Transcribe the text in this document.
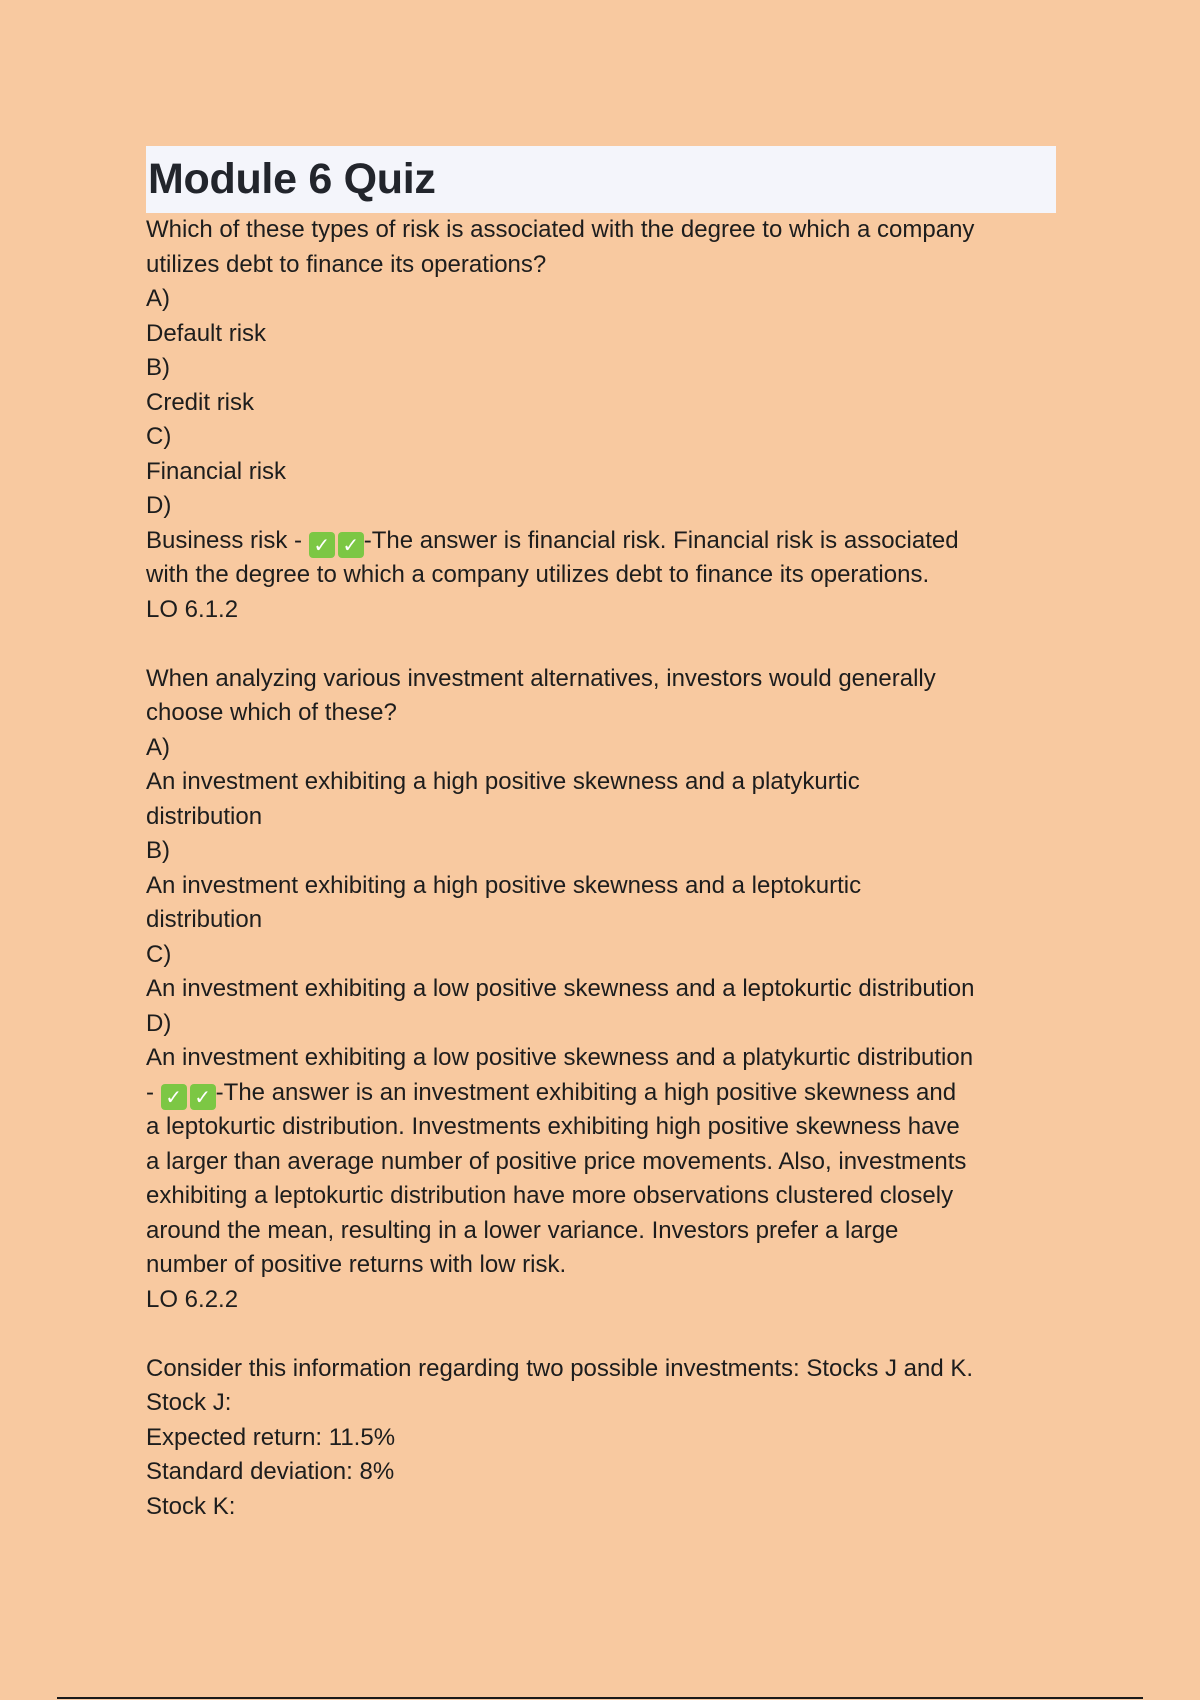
Module 6 Quiz
Which of these types of risk is associated with the degree to which a company
utilizes debt to finance its operations?
A)
Default risk
B)
Credit risk
C)
Financial risk
D)
Business risk - ✓ ✓ -The answer is financial risk. Financial risk is associated
with the degree to which a company utilizes debt to finance its operations.
LO 6.1.2
When analyzing various investment alternatives, investors would generally
choose which of these?
A)
An investment exhibiting a high positive skewness and a platykurtic
distribution
B)
An investment exhibiting a high positive skewness and a leptokurtic
distribution
C)
An investment exhibiting a low positive skewness and a leptokurtic distribution
D)
An investment exhibiting a low positive skewness and a platykurtic distribution
- ✓ ✓ -The answer is an investment exhibiting a high positive skewness and
a leptokurtic distribution. Investments exhibiting high positive skewness have
a larger than average number of positive price movements. Also, investments
exhibiting a leptokurtic distribution have more observations clustered closely
around the mean, resulting in a lower variance. Investors prefer a large
number of positive returns with low risk.
LO 6.2.2
Consider this information regarding two possible investments: Stocks J and K.
Stock J:
Expected return: 11.5%
Standard deviation: 8%
Stock K:
